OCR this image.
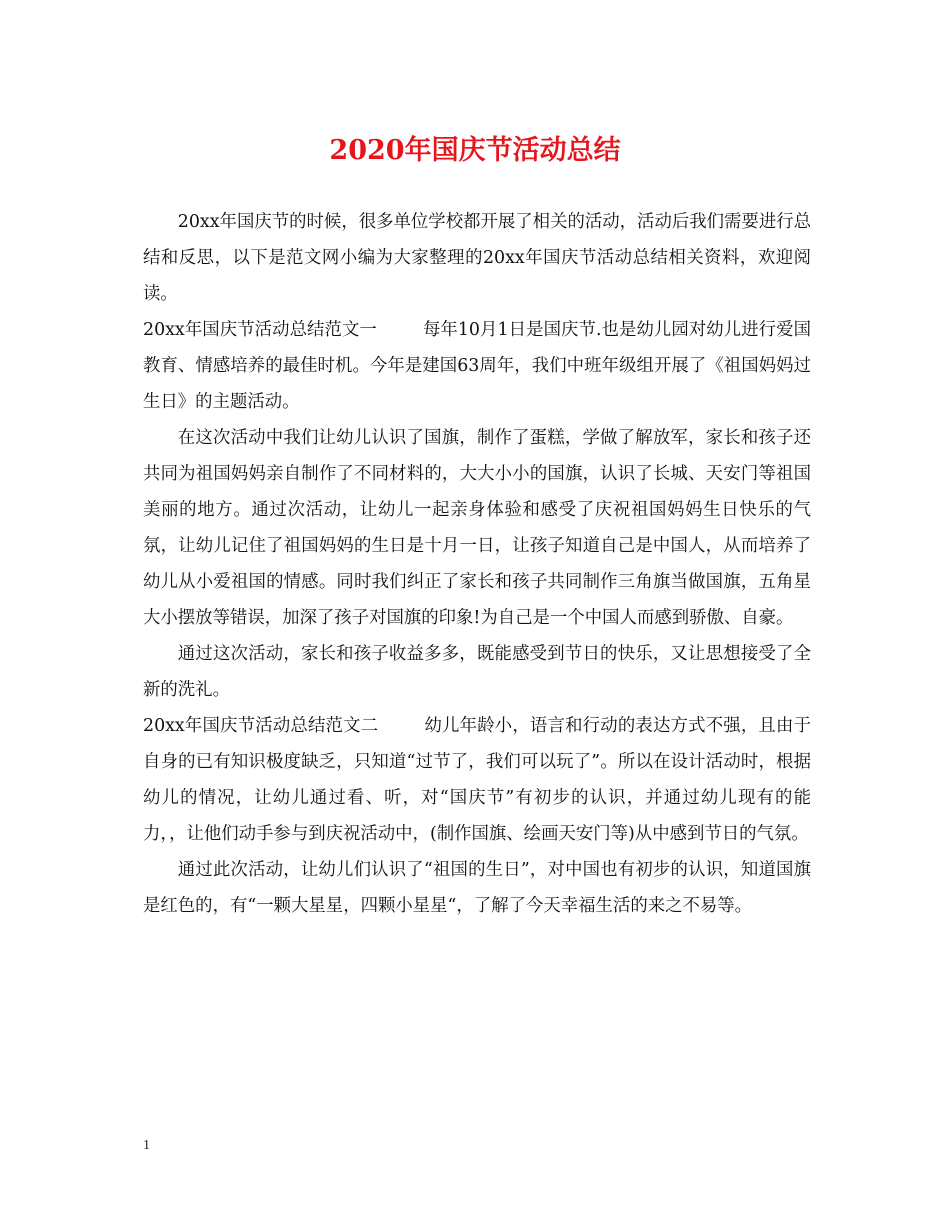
2020年国庆节活动总结

20xx年国庆节的时候，很多单位学校都开展了相关的活动，活动后我们需要进行总结和反思，以下是范文网小编为大家整理的20xx年国庆节活动总结相关资料，欢迎阅读。

20xx年国庆节活动总结范文一	每年10月1日是国庆节.也是幼儿园对幼儿进行爱国教育、情感培养的最佳时机。今年是建国63周年，我们中班年级组开展了《祖国妈妈过生日》的主题活动。

在这次活动中我们让幼儿认识了国旗，制作了蛋糕，学做了解放军，家长和孩子还共同为祖国妈妈亲自制作了不同材料的，大大小小的国旗，认识了长城、天安门等祖国美丽的地方。通过次活动，让幼儿一起亲身体验和感受了庆祝祖国妈妈生日快乐的气氛，让幼儿记住了祖国妈妈的生日是十月一日，让孩子知道自己是中国人，从而培养了幼儿从小爱祖国的情感。同时我们纠正了家长和孩子共同制作三角旗当做国旗，五角星大小摆放等错误，加深了孩子对国旗的印象!为自己是一个中国人而感到骄傲、自豪。

通过这次活动，家长和孩子收益多多，既能感受到节日的快乐，又让思想接受了全新的洗礼。

20xx年国庆节活动总结范文二	幼儿年龄小，语言和行动的表达方式不强，且由于自身的已有知识极度缺乏，只知道“过节了，我们可以玩了”。所以在设计活动时，根据幼儿的情况，让幼儿通过看、听，对“国庆节”有初步的认识，并通过幼儿现有的能力，，让他们动手参与到庆祝活动中，(制作国旗、绘画天安门等)从中感到节日的气氛。

通过此次活动，让幼儿们认识了“祖国的生日”，对中国也有初步的认识，知道国旗是红色的，有“一颗大星星，四颗小星星“，了解了今天幸福生活的来之不易等。

1
